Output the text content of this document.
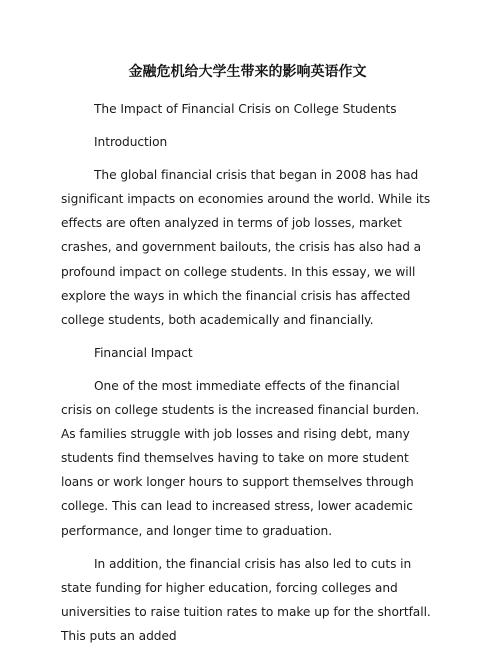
金融危机给大学生带来的影响英语作文

The Impact of Financial Crisis on College Students

Introduction

The global financial crisis that began in 2008 has had significant impacts on economies around the world. While its effects are often analyzed in terms of job losses, market crashes, and government bailouts, the crisis has also had a profound impact on college students. In this essay, we will explore the ways in which the financial crisis has affected college students, both academically and financially.

Financial Impact

One of the most immediate effects of the financial crisis on college students is the increased financial burden. As families struggle with job losses and rising debt, many students find themselves having to take on more student loans or work longer hours to support themselves through college. This can lead to increased stress, lower academic performance, and longer time to graduation.

In addition, the financial crisis has also led to cuts in state funding for higher education, forcing colleges and universities to raise tuition rates to make up for the shortfall. This puts an added
